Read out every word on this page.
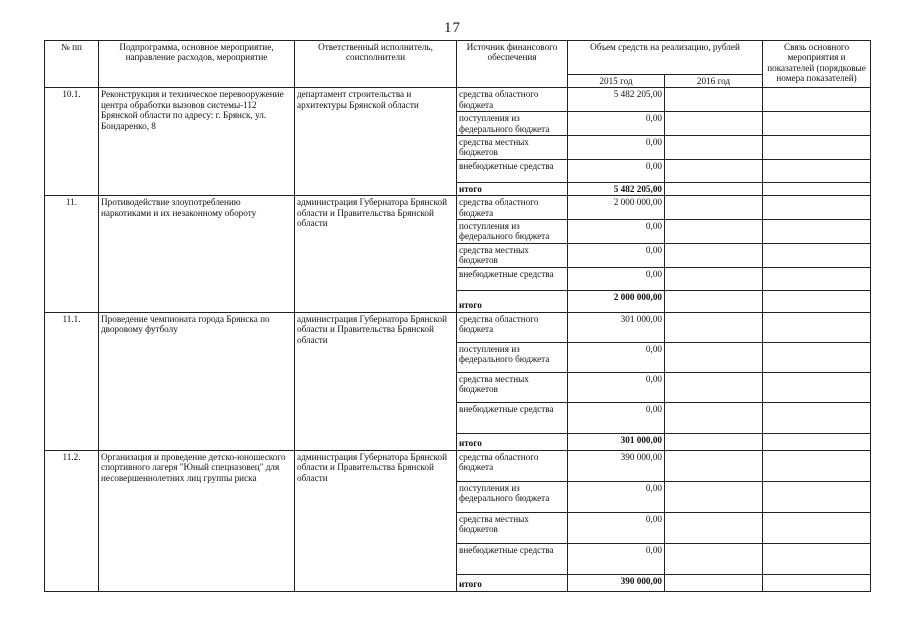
17
№ пп	Подпрограмма, основное мероприятие, направление расходов, мероприятие	Ответственный исполнитель, соисполнители	Источник финансового обеспечения	Объем средств на реализацию, рублей		Связь основного мероприятия и показателей (порядковые номера показателей)
				2015 год	2016 год	
10.1.	Реконструкция и техническое перевооружение центра обработки вызовов системы-112 Брянской области по адресу: г. Брянск, ул. Бондаренко, 8	департамент строительства и архитектуры Брянской области	средства областного бюджета	5 482 205,00		
			поступления из федерального бюджета	0,00		
			средства местных бюджетов	0,00		
			внебюджетные средства	0,00		
			итого	5 482 205,00		
11.	Противодействие злоупотреблению наркотиками и их незаконному обороту	администрация Губернатора Брянской области и Правительства Брянской области	средства областного бюджета	2 000 000,00		
			поступления из федерального бюджета	0,00		
			средства местных бюджетов	0,00		
			внебюджетные средства	0,00		
			итого	2 000 000,00		
11.1.	Проведение чемпионата города Брянска по дворовому футболу	администрация Губернатора Брянской области и Правительства Брянской области	средства областного бюджета	301 000,00		
			поступления из федерального бюджета	0,00		
			средства местных бюджетов	0,00		
			внебюджетные средства	0,00		
			итого	301 000,00		
11.2.	Организация и проведение детско-юношеского спортивного лагеря "Юный спецназовец" для несовершеннолетних лиц группы риска	администрация Губернатора Брянской области и Правительства Брянской области	средства областного бюджета	390 000,00		
			поступления из федерального бюджета	0,00		
			средства местных бюджетов	0,00		
			внебюджетные средства	0,00		
			итого	390 000,00		
